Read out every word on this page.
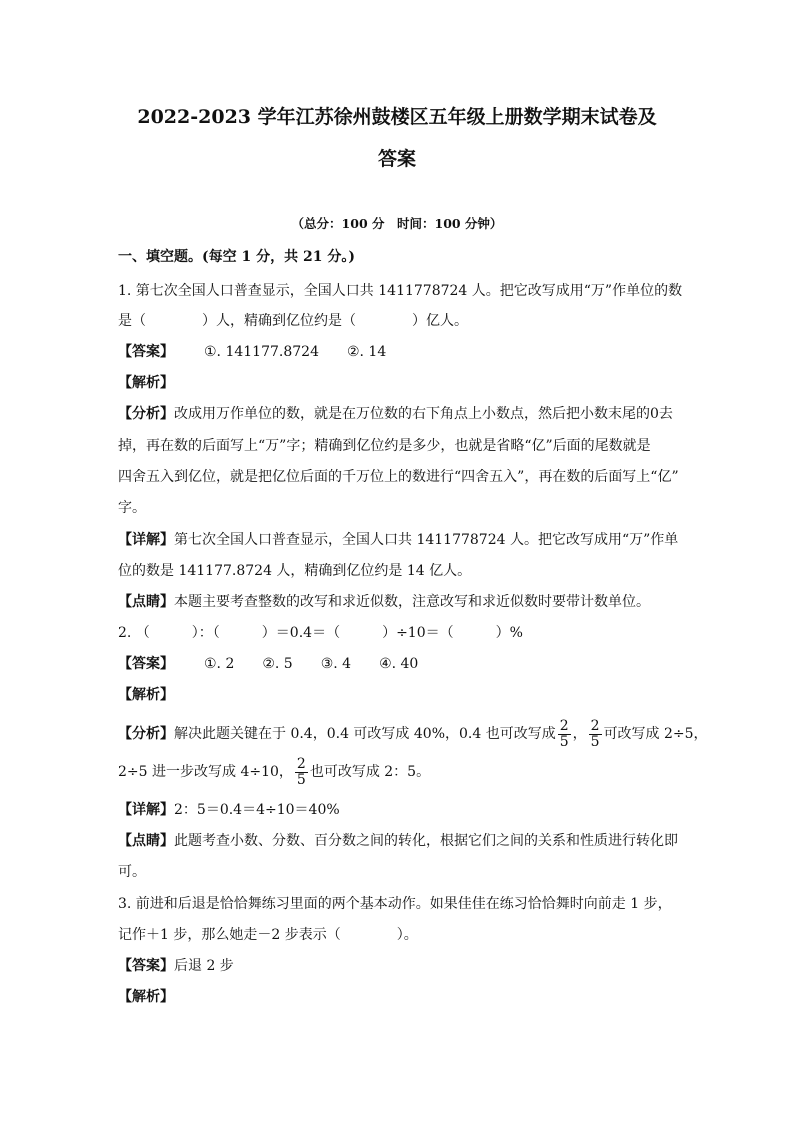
2022-2023 学年江苏徐州鼓楼区五年级上册数学期末试卷及
答案
（总分：100 分　时间：100 分钟）
一、填空题。(每空 1 分，共 21 分。)
1. 第七次全国人口普查显示，全国人口共 1411778724 人。把它改写成用“万”作单位的数
是（　　　　）人，精确到亿位约是（　　　　）亿人。
【答案】 ①. 141177.8724　　②. 14
【解析】
【分析】改成用万作单位的数，就是在万位数的右下角点上小数点，然后把小数末尾的0去
掉，再在数的后面写上“万”字；精确到亿位约是多少，也就是省略“亿”后面的尾数就是
四舍五入到亿位，就是把亿位后面的千万位上的数进行“四舍五入”，再在数的后面写上“亿”
字。
【详解】第七次全国人口普查显示，全国人口共 1411778724 人。把它改写成用“万”作单
位的数是 141177.8724 人，精确到亿位约是 14 亿人。
【点睛】本题主要考查整数的改写和求近似数，注意改写和求近似数时要带计数单位。
2. （　　　）：（　　　）＝0.4＝（　　　）÷10＝（　　　）%
【答案】 ①. 2　　②. 5　　③. 4　　④. 40
【解析】
【分析】解决此题关键在于 0.4，0.4 可改写成 40%，0.4 也可改写成 $\frac{2}{5}$ ， $\frac{2}{5}$ 可改写成 2÷5，
2÷5 进一步改写成 4÷10， $\frac{2}{5}$ 也可改写成 2：5。
【详解】2：5＝0.4＝4÷10＝40%
【点睛】此题考查小数、分数、百分数之间的转化，根据它们之间的关系和性质进行转化即
可。
3. 前进和后退是恰恰舞练习里面的两个基本动作。如果佳佳在练习恰恰舞时向前走 1 步，
记作＋1 步，那么她走－2 步表示（　　　　）。
【答案】后退 2 步
【解析】
